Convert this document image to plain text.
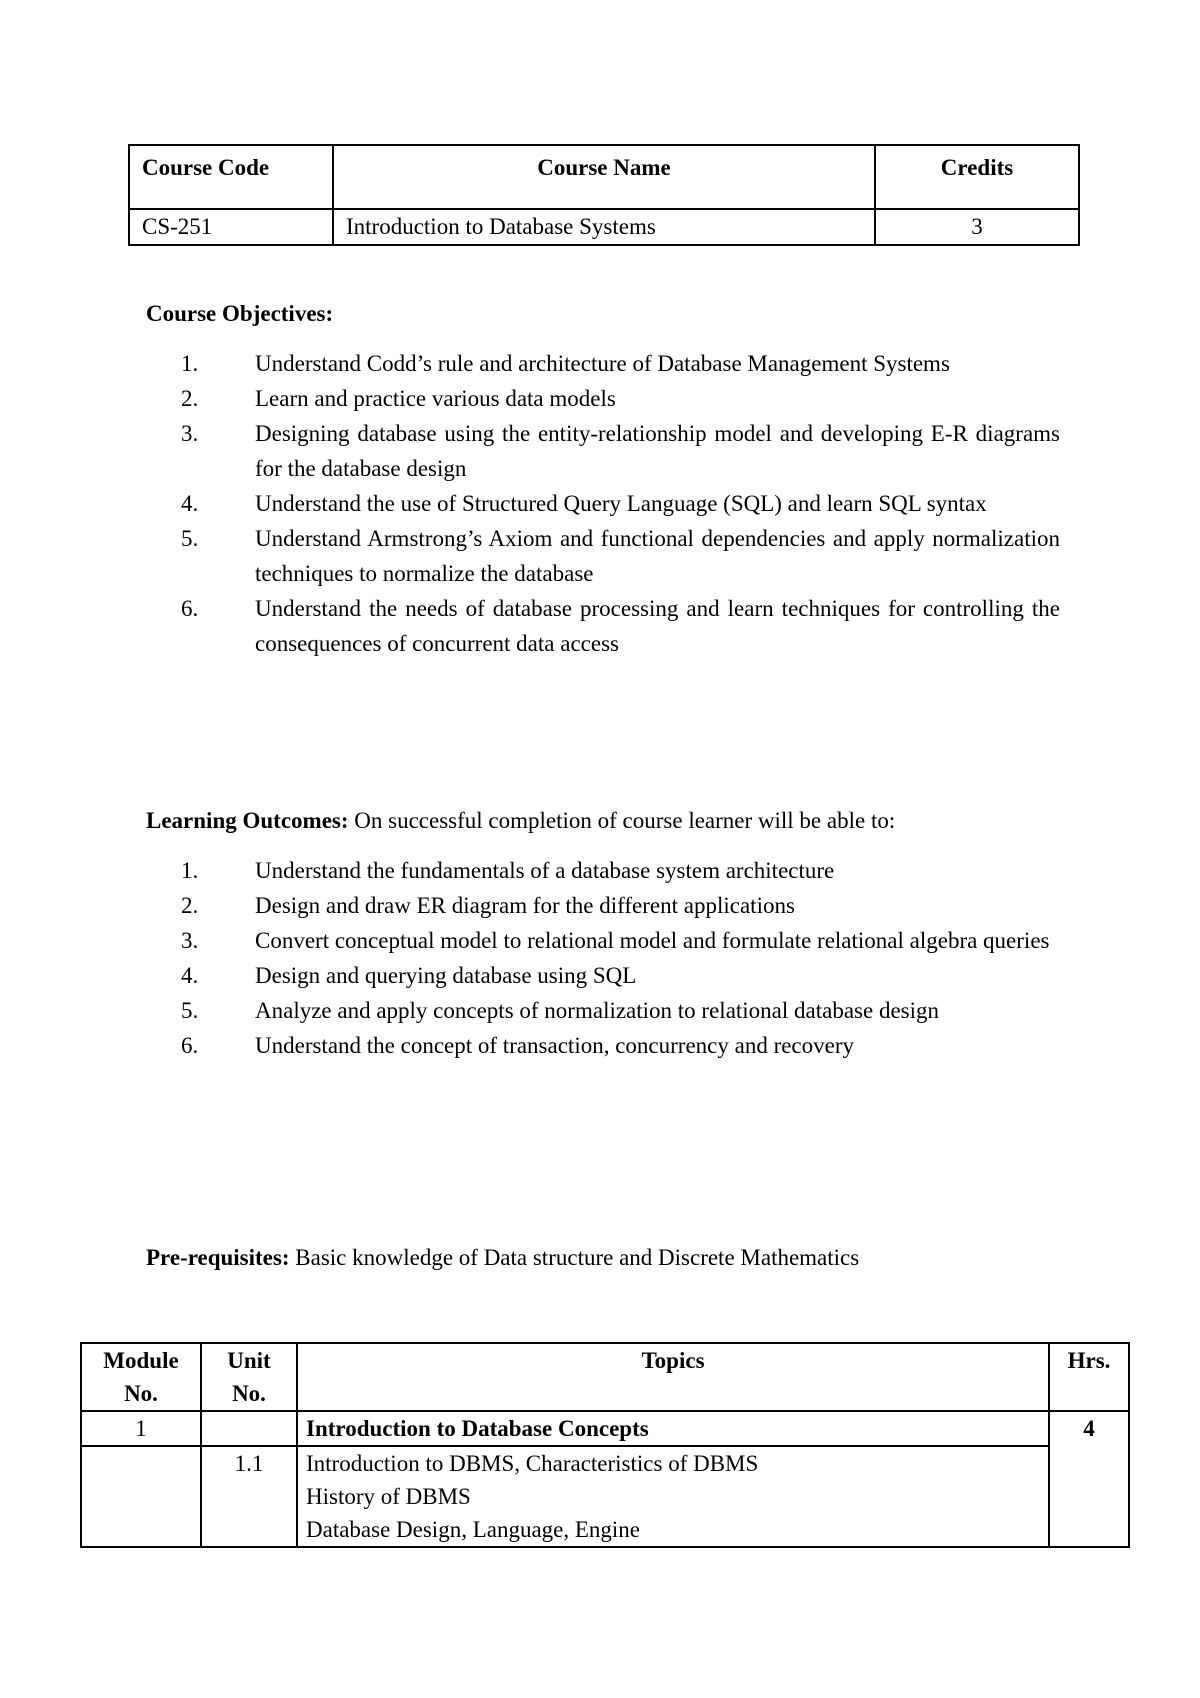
Course Code	Course Name	Credits
CS-251	Introduction to Database Systems	3
Course Objectives:
1. Understand Codd’s rule and architecture of Database Management Systems
2. Learn and practice various data models
3. Designing database using the entity-relationship model and developing E-R diagrams for the database design
4. Understand the use of Structured Query Language (SQL) and learn SQL syntax
5. Understand Armstrong’s Axiom and functional dependencies and apply normalization techniques to normalize the database
6. Understand the needs of database processing and learn techniques for controlling the consequences of concurrent data access
Learning Outcomes: On successful completion of course learner will be able to:
1. Understand the fundamentals of a database system architecture
2. Design and draw ER diagram for the different applications
3. Convert conceptual model to relational model and formulate relational algebra queries
4. Design and querying database using SQL
5. Analyze and apply concepts of normalization to relational database design
6. Understand the concept of transaction, concurrency and recovery
Pre-requisites: Basic knowledge of Data structure and Discrete Mathematics
Module No.	Unit No.	Topics	Hrs.
1		Introduction to Database Concepts	4
	1.1	Introduction to DBMS, Characteristics of DBMS
History of DBMS
Database Design, Language, Engine	
